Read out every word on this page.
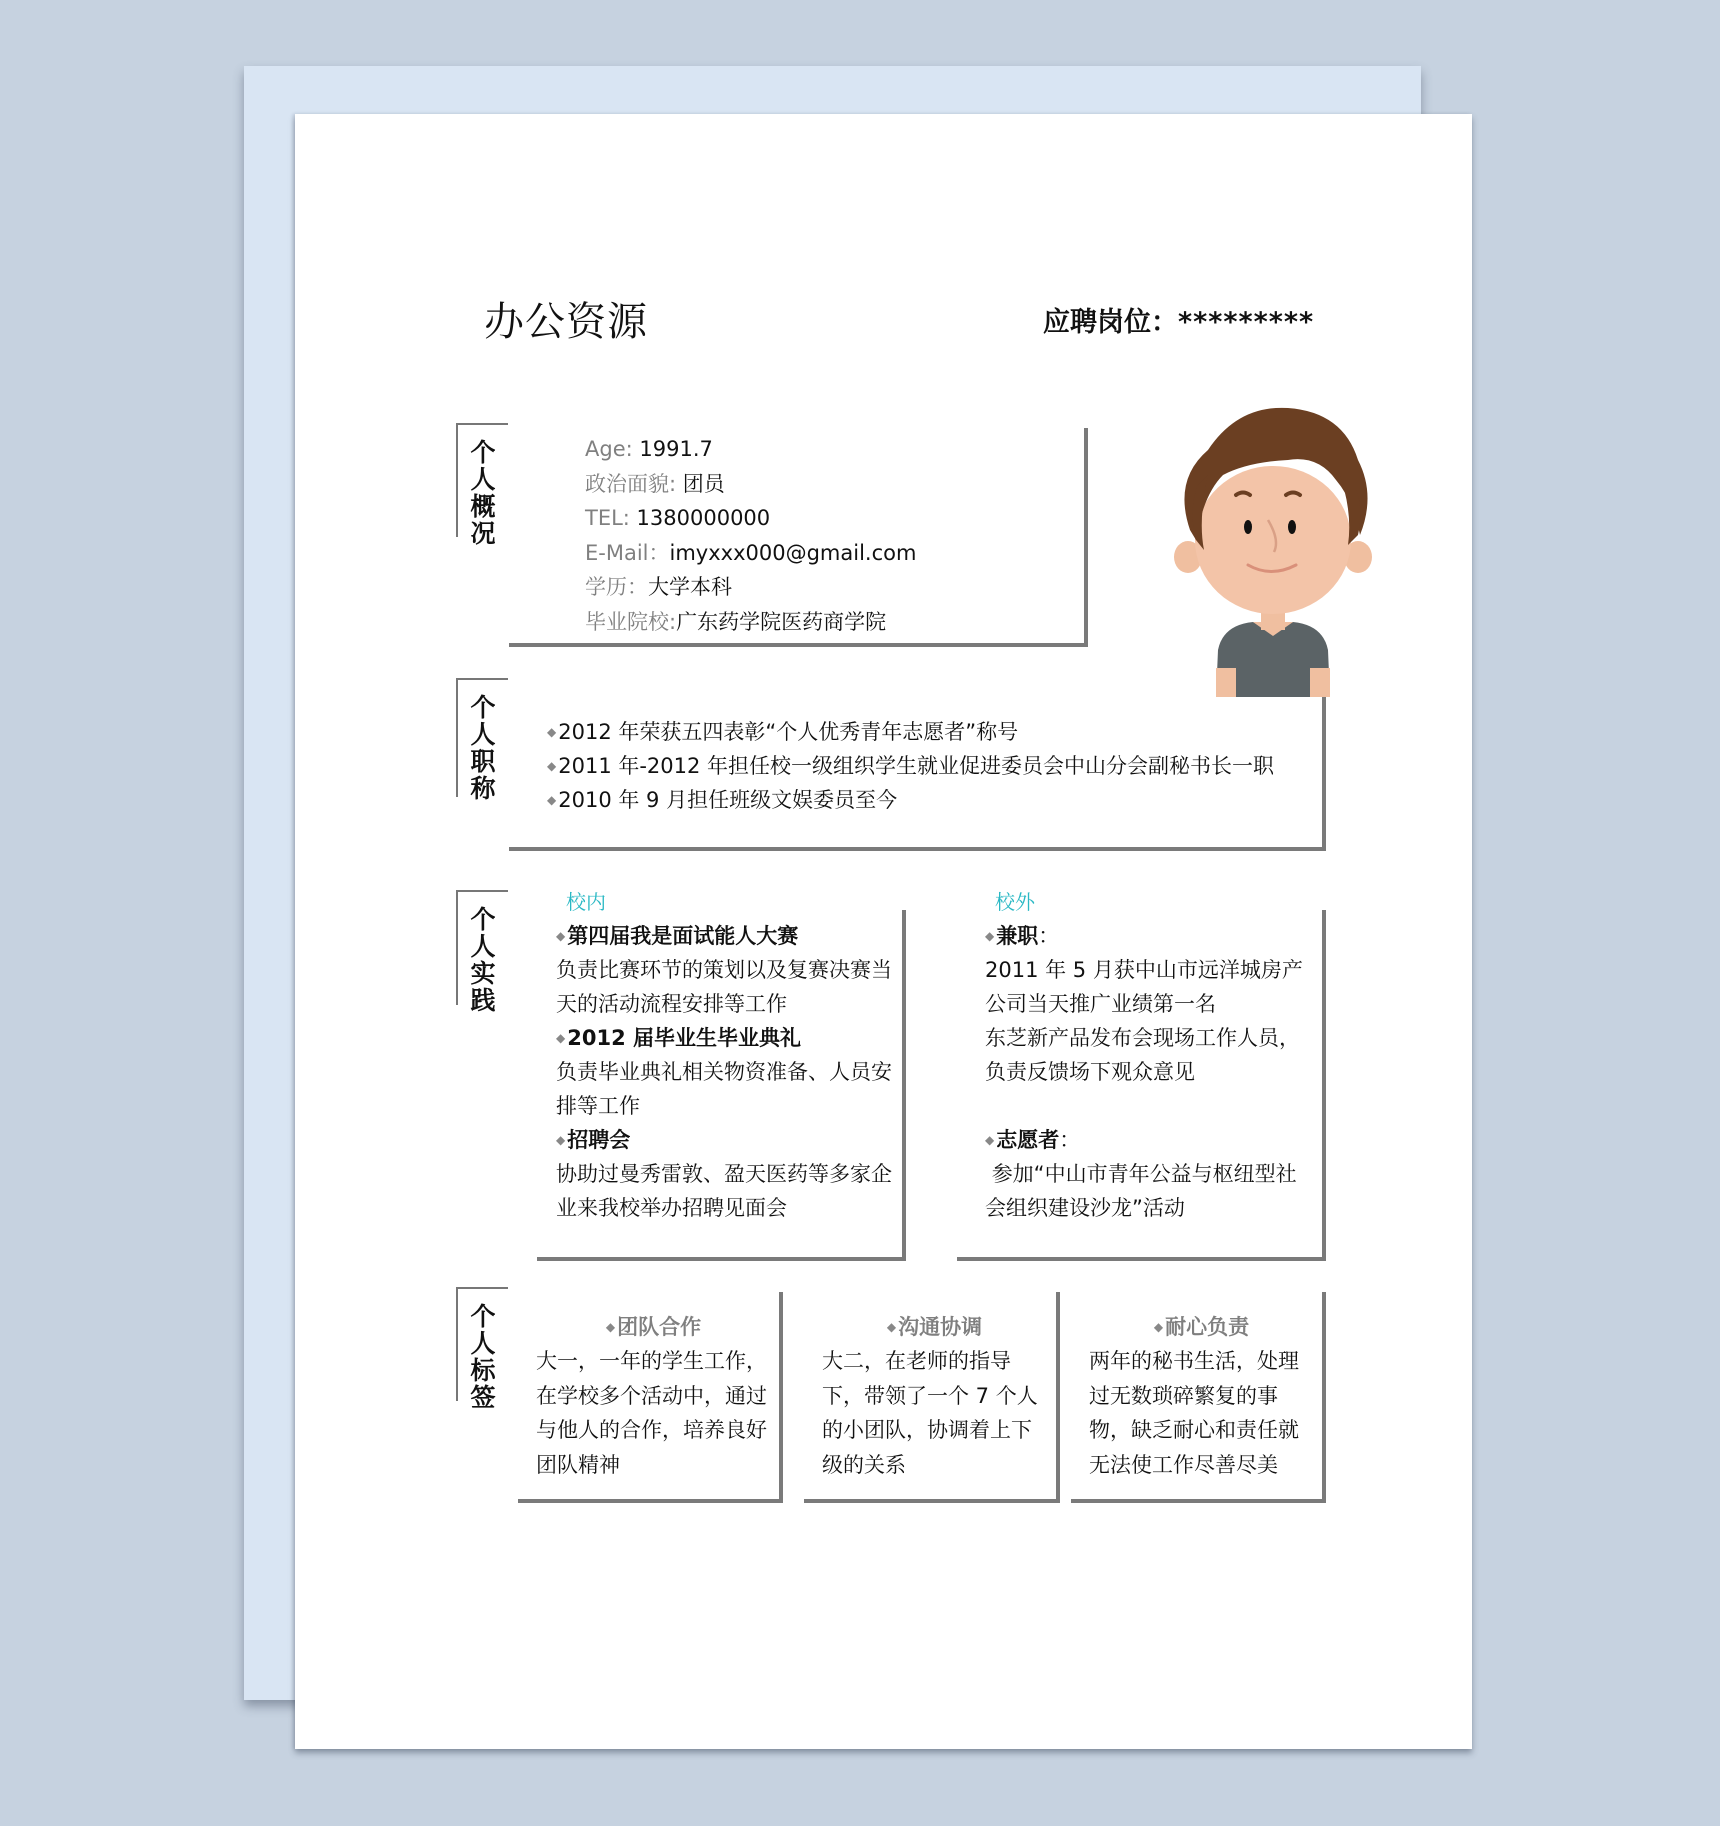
办公资源	应聘岗位：*********
个人概况
Age: 1991.7
政治面貌: 团员
TEL: 1380000000
E-Mail：imyxxx000@gmail.com
学历：大学本科
毕业院校:广东药学院医药商学院
个人职称
◆2012 年荣获五四表彰“个人优秀青年志愿者”称号
◆2011 年-2012 年担任校一级组织学生就业促进委员会中山分会副秘书长一职
◆2010 年 9 月担任班级文娱委员至今
个人实践
校内
◆第四届我是面试能人大赛
负责比赛环节的策划以及复赛决赛当天的活动流程安排等工作
◆2012 届毕业生毕业典礼
负责毕业典礼相关物资准备、人员安排等工作
◆招聘会
协助过曼秀雷敦、盈天医药等多家企业来我校举办招聘见面会
校外
◆兼职：
2011 年 5 月获中山市远洋城房产公司当天推广业绩第一名
东芝新产品发布会现场工作人员，负责反馈场下观众意见
◆志愿者：
参加“中山市青年公益与枢纽型社会组织建设沙龙”活动
个人标签
◆团队合作
大一，一年的学生工作，在学校多个活动中，通过与他人的合作，培养良好团队精神
◆沟通协调
大二，在老师的指导下，带领了一个 7 个人的小团队，协调着上下级的关系
◆耐心负责
两年的秘书生活，处理过无数琐碎繁复的事物，缺乏耐心和责任就无法使工作尽善尽美
